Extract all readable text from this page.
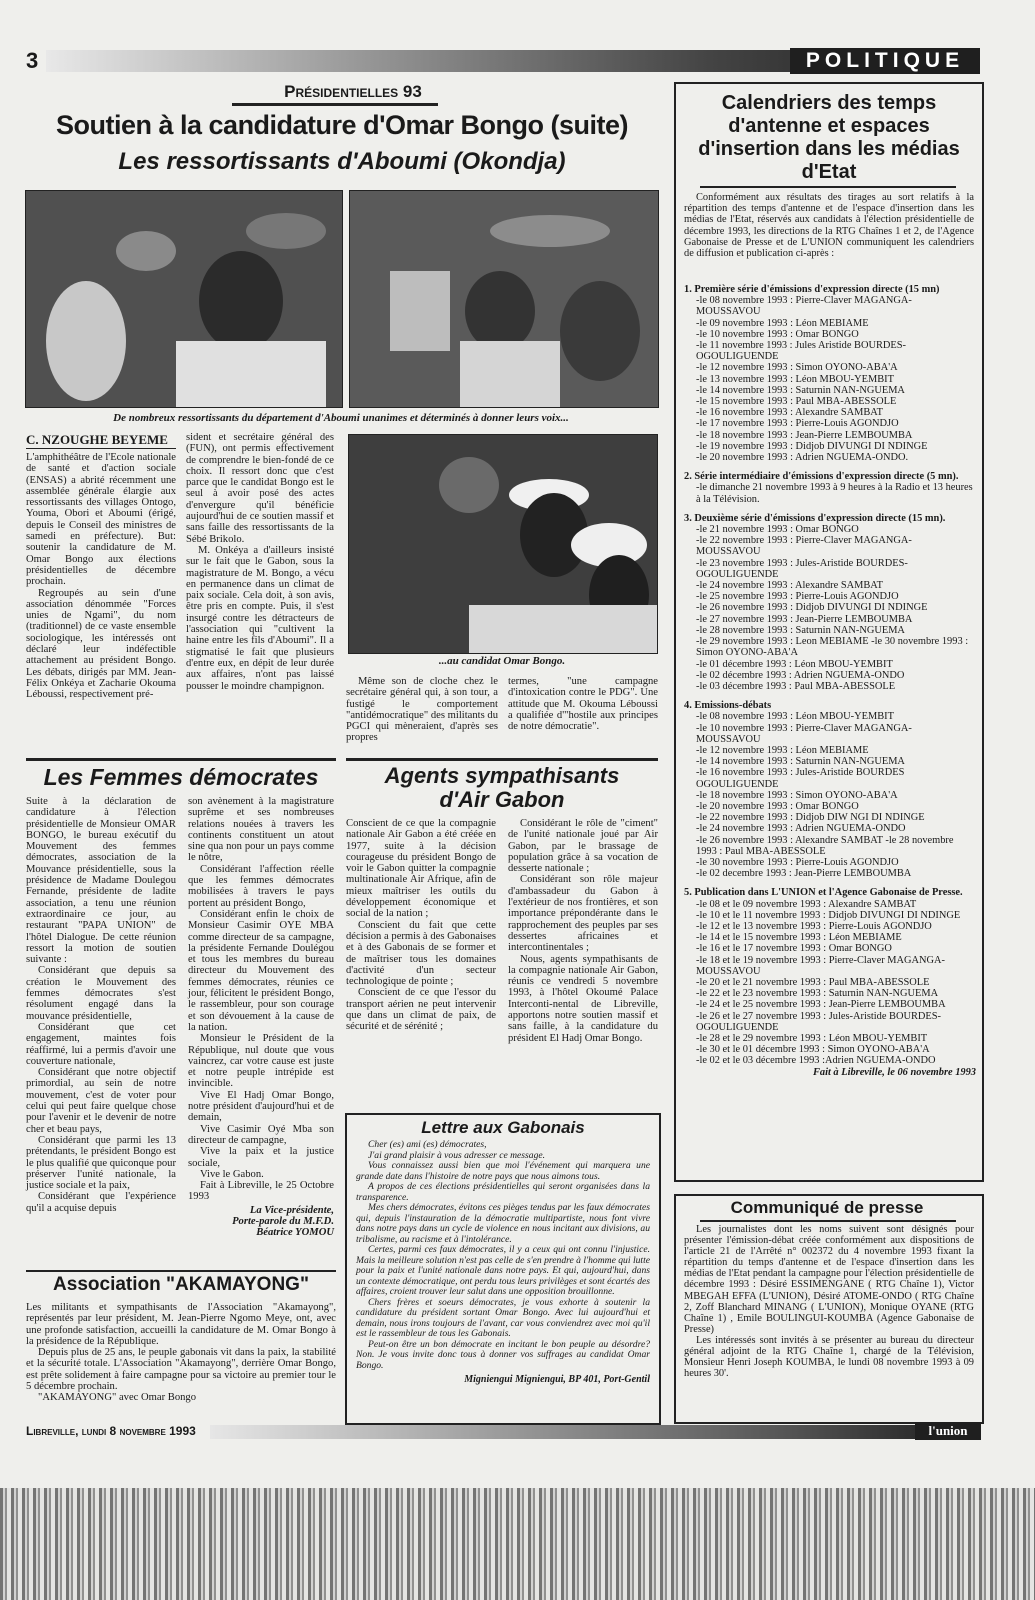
3	POLITIQUE
Présidentielles 93
Soutien à la candidature d'Omar Bongo (suite)
Les ressortissants d'Aboumi (Okondja)
De nombreux ressortissants du département d'Aboumi unanimes et déterminés à donner leurs voix...
C. NZOUGHE BEYEME

L'amphithéâtre de l'Ecole nationale de santé et d'action sociale (ENSAS) a abrité récemment une assemblée générale élargie aux ressortissants des villages Ontogo, Youma, Obori et Aboumi (érigé, depuis le Conseil des ministres de samedi en préfecture). But: soutenir la candidature de M. Omar Bongo aux élections présidentielles de décembre prochain.

Regroupés au sein d'une association dénommée "Forces unies de Ngami", du nom (traditionnel) de ce vaste ensemble sociologique, les intéressés ont déclaré leur indéfectible attachement au président Bongo. Les débats, dirigés par MM. Jean-Félix Onkéya et Zacharie Okouma Léboussi, respectivement pré-

sident et secrétaire général des (FUN), ont permis effectivement de comprendre le bien-fondé de ce choix. Il ressort donc que c'est parce que le candidat Bongo est le seul à avoir posé des actes d'envergure qu'il bénéficie aujourd'hui de ce soutien massif et sans faille des ressortissants de la Sébé Brikolo.

M. Onkéya a d'ailleurs insisté sur le fait que le Gabon, sous la magistrature de M. Bongo, a vécu en permanence dans un climat de paix sociale. Cela doit, à son avis, être pris en compte. Puis, il s'est insurgé contre les détracteurs de l'association qui "cultivent la haine entre les fils d'Aboumi". Il a stigmatisé le fait que plusieurs d'entre eux, en dépit de leur durée aux affaires, n'ont pas laissé pousser le moindre champignon.

...au candidat Omar Bongo.

Même son de cloche chez le secrétaire général qui, à son tour, a fustigé le comportement "antidémocratique" des militants du PGCI qui mèneraient, d'après ses propres

termes, "une campagne d'intoxication contre le PDG". Une attitude que M. Okouma Léboussi a qualifiée d'"hostile aux principes de notre démocratie".

Les Femmes démocrates

Suite à la déclaration de candidature à l'élection présidentielle de Monsieur OMAR BONGO, le bureau exécutif du Mouvement des femmes démocrates, association de la Mouvance présidentielle, sous la présidence de Madame Doulegou Fernande, présidente de ladite association, a tenu une réunion extraordinaire ce jour, au restaurant "PAPA UNION" de l'hôtel Dialogue. De cette réunion ressort la motion de soutien suivante :

Considérant que depuis sa création le Mouvement des femmes démocrates s'est résolument engagé dans la mouvance présidentielle,

Considérant que cet engagement, maintes fois réaffirmé, lui a permis d'avoir une couverture nationale,

Considérant que notre objectif primordial, au sein de notre mouvement, c'est de voter pour celui qui peut faire quelque chose pour l'avenir et le devenir de notre cher et beau pays,

Considérant que parmi les 13 prétendants, le président Bongo est le plus qualifié que quiconque pour préserver l'unité nationale, la justice sociale et la paix,

Considérant que l'expérience qu'il a acquise depuis

son avènement à la magistrature suprême et ses nombreuses relations nouées à travers les continents constituent un atout sine qua non pour un pays comme le nôtre,

Considérant l'affection réelle que les femmes démocrates mobilisées à travers le pays portent au président Bongo,

Considérant enfin le choix de Monsieur Casimir OYE MBA comme directeur de sa campagne, la présidente Fernande Doulégou et tous les membres du bureau directeur du Mouvement des femmes démocrates, réunies ce jour, félicitent le président Bongo, le rassembleur, pour son courage et son dévouement à la cause de la nation.

Monsieur le Président de la République, nul doute que vous vaincrez, car votre cause est juste et notre peuple intrépide est invincible.

Vive El Hadj Omar Bongo, notre président d'aujourd'hui et de demain,

Vive Casimir Oyé Mba son directeur de campagne,

Vive la paix et la justice sociale,

Vive le Gabon.

Fait à Libreville, le 25 Octobre 1993

La Vice-présidente,
Porte-parole du M.F.D.
Béatrice YOMOU
Association "AKAMAYONG"

Les militants et sympathisants de l'Association "Akamayong", représentés par leur président, M. Jean-Pierre Ngomo Meye, ont, avec une profonde satisfaction, accueilli la candidature de M. Omar Bongo à la présidence de la République.

Depuis plus de 25 ans, le peuple gabonais vit dans la paix, la stabilité et la sécurité totale. L'Association "Akamayong", derrière Omar Bongo, est prête solidement à faire campagne pour sa victoire au premier tour le 5 décembre prochain.

"AKAMAYONG" avec Omar Bongo

Agents sympathisants
d'Air Gabon

Conscient de ce que la compagnie nationale Air Gabon a été créée en 1977, suite à la décision courageuse du président Bongo de voir le Gabon quitter la compagnie multinationale Air Afrique, afin de mieux maîtriser les outils du développement économique et social de la nation ;

Conscient du fait que cette décision a permis à des Gabonaises et à des Gabonais de se former et de maîtriser tous les domaines d'activité d'un secteur technologique de pointe ;

Conscient de ce que l'essor du transport aérien ne peut intervenir que dans un climat de paix, de sécurité et de sérénité ;

Considérant le rôle de "ciment" de l'unité nationale joué par Air Gabon, par le brassage de population grâce à sa vocation de desserte nationale ;

Considérant son rôle majeur d'ambassadeur du Gabon à l'extérieur de nos frontières, et son importance prépondérante dans le rapprochement des peuples par ses dessertes africaines et intercontinentales ;

Nous, agents sympathisants de la compagnie nationale Air Gabon, réunis ce vendredi 5 novembre 1993, à l'hôtel Okoumé Palace Interconti-nental de Libreville, apportons notre soutien massif et sans faille, à la candidature du président El Hadj Omar Bongo.

Lettre aux Gabonais

Cher (es) ami (es) démocrates,

J'ai grand plaisir à vous adresser ce message.

Vous connaissez aussi bien que moi l'événement qui marquera une grande date dans l'histoire de notre pays que nous aimons tous.

A propos de ces élections présidentielles qui seront organisées dans la transparence.

Mes chers démocrates, évitons ces pièges tendus par les faux démocrates qui, depuis l'instauration de la démocratie multipartiste, nous font vivre dans notre pays dans un cycle de violence en nous incitant aux divisions, au tribalisme, au racisme et à l'intolérance.

Certes, parmi ces faux démocrates, il y a ceux qui ont connu l'injustice. Mais la meilleure solution n'est pas celle de s'en prendre à l'homme qui lutte pour la paix et l'unité nationale dans notre pays. Et qui, aujourd'hui, dans un contexte démocratique, ont perdu tous leurs privilèges et sont écartés des affaires, croient trouver leur salut dans une opposition brouillonne.

Chers frères et soeurs démocrates, je vous exhorte à soutenir la candidature du président sortant Omar Bongo. Avec lui aujourd'hui et demain, nous irons toujours de l'avant, car vous conviendrez avec moi qu'il est le rassembleur de tous les Gabonais.

Peut-on être un bon démocrate en incitant le bon peuple au désordre? Non. Je vous invite donc tous à donner vos suffrages au candidat Omar Bongo.

Migniengui Migniengui, BP 401, Port-Gentil
Calendriers des temps d'antenne et espaces d'insertion dans les médias d'Etat

Conformément aux résultats des tirages au sort relatifs à la répartition des temps d'antenne et de l'espace d'insertion dans les médias de l'Etat, réservés aux candidats à l'élection présidentielle de décembre 1993, les directions de la RTG Chaînes 1 et 2, de l'Agence Gabonaise de Presse et de L'UNION communiquent les calendriers de diffusion et publication ci-après :

1. Première série d'émissions d'expression directe (15 mn)
-le 08 novembre 1993 : Pierre-Claver MAGANGA-MOUSSAVOU
-le 09 novembre 1993 : Léon MEBIAME
-le 10 novembre 1993 : Omar BONGO
-le 11 novembre 1993 : Jules Aristide BOURDES-OGOULIGUENDE
-le 12 novembre 1993 : Simon OYONO-ABA'A
-le 13 novembre 1993 : Léon MBOU-YEMBIT
-le 14 novembre 1993 : Saturnin NAN-NGUEMA
-le 15 novembre 1993 : Paul MBA-ABESSOLE
-le 16 novembre 1993 : Alexandre SAMBAT
-le 17 novembre 1993 : Pierre-Louis AGONDJO
-le 18 novembre 1993 : Jean-Pierre LEMBOUMBA
-le 19 novembre 1993 : Didjob DIVUNGI DI NDINGE
-le 20 novembre 1993 : Adrien NGUEMA-ONDO.
2. Série intermédiaire d'émissions d'expression directe (5 mn).
-le dimanche 21 novembre 1993 à 9 heures à la Radio et 13 heures à la Télévision.
3. Deuxième série d'émissions d'expression directe (15 mn).
-le 21 novembre 1993 : Omar BONGO
-le 22 novembre 1993 : Pierre-Claver MAGANGA-MOUSSAVOU
-le 23 novembre 1993 : Jules-Aristide BOURDES-OGOULIGUENDE
-le 24 novembre 1993 : Alexandre SAMBAT
-le 25 novembre 1993 : Pierre-Louis AGONDJO
-le 26 novembre 1993 : Didjob DIVUNGI DI NDINGE
-le 27 novembre 1993 : Jean-Pierre LEMBOUMBA
-le 28 novembre 1993 : Saturnin NAN-NGUEMA
-le 29 novembre 1993 : Leon MEBIAME -le 30 novembre 1993 : Simon OYONO-ABA'A
-le 01 décembre 1993 : Léon MBOU-YEMBIT
-le 02 décembre 1993 : Adrien NGUEMA-ONDO
-le 03 décembre 1993 : Paul MBA-ABESSOLE
4. Emissions-débats
-le 08 novembre 1993 : Léon MBOU-YEMBIT
-le 10 novembre 1993 : Pierre-Claver MAGANGA-MOUSSAVOU
-le 12 novembre 1993 : Léon MEBIAME
-le 14 novembre 1993 : Saturnin NAN-NGUEMA
-le 16 novembre 1993 : Jules-Aristide BOURDES OGOULIGUENDE
-le 18 novembre 1993 : Simon OYONO-ABA'A
-le 20 novembre 1993 : Omar BONGO
-le 22 novembre 1993 : Didjob DIW NGI DI NDINGE
-le 24 novembre 1993 : Adrien NGUEMA-ONDO
-le 26 novembre 1993 : Alexandre SAMBAT -le 28 novembre 1993 : Paul MBA-ABESSOLE
-le 30 novembre 1993 : Pierre-Louis AGONDJO
-le 02 decembre 1993 : Jean-Pierre LEMBOUMBA
5. Publication dans L'UNION et l'Agence Gabonaise de Presse.
-le 08 et le 09 novembre 1993 : Alexandre SAMBAT
-le 10 et le 11 novembre 1993 : Didjob DIVUNGI DI NDINGE
-le 12 et le 13 novembre 1993 : Pierre-Louis AGONDJO
-le 14 et le 15 novembre 1993 : Léon MEBIAME
-le 16 et le 17 novembre 1993 : Omar BONGO
-le 18 et le 19 novembre 1993 : Pierre-Claver MAGANGA-MOUSSAVOU
-le 20 et le 21 novembre 1993 : Paul MBA-ABESSOLE
-le 22 et le 23 novembre 1993 : Saturnin NAN-NGUEMA
-le 24 et le 25 novembre 1993 : Jean-Pierre LEMBOUMBA
-le 26 et le 27 novembre 1993 : Jules-Aristide BOURDES-OGOULIGUENDE
-le 28 et le 29 novembre 1993 : Léon MBOU-YEMBIT
-le 30 et le 01 décembre 1993 : Simon OYONO-ABA'A
-le 02 et le 03 décembre 1993 :Adrien NGUEMA-ONDO
Fait à Libreville, le 06 novembre 1993
Communiqué de presse

Les journalistes dont les noms suivent sont désignés pour présenter l'émission-débat créée conformément aux dispositions de l'article 21 de l'Arrêté n° 002372 du 4 novembre 1993 fixant la répartition du temps d'antenne et de l'espace d'insertion dans les médias de l'Etat pendant la campagne pour l'élection présidentielle de décembre 1993 : Désiré ESSIMENGANE ( RTG Chaîne 1), Victor MBEGAH EFFA (L'UNION), Désiré ATOME-ONDO ( RTG Chaîne 2, Zoff Blanchard MINANG ( L'UNION), Monique OYANE (RTG Chaîne 1) , Emile BOULINGUI-KOUMBA (Agence Gabonaise de Presse)

Les intéressés sont invités à se présenter au bureau du directeur général adjoint de la RTG Chaîne 1, chargé de la Télévision, Monsieur Henri Joseph KOUMBA, le lundi 08 novembre 1993 à 09 heures 30'.

Libreville, lundi 8 novembre 1993	l'union
